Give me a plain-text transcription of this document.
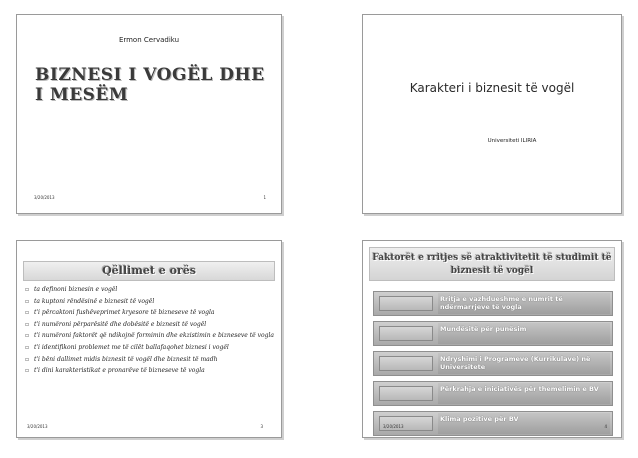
Ermon Cervadiku
BIZNESI I VOGËL DHE I MESËM
3/20/2013	1
Karakteri i biznesit të vogël
Universiteti ILIRIA
Qëllimet e orës
▫ ta definoni biznesin e vogël
▫ ta kuptoni rëndësinë e biznesit të vogël
▫ t'i përcaktoni fushëveprimet kryesore të bizneseve të vogla
▫ t'i numëroni përparësitë dhe dobësitë e biznesit të vogël
▫ t'i numëroni faktorët që ndikojnë formimin dhe ekzistimin e bizneseve të vogla
▫ t'i identifikoni problemet me të cilët ballafaqohet biznesi i vogël
▫ t'i bëni dallimet midis biznesit të vogël dhe biznesit të madh
▫ t'i dini karakteristikat e pronarëve të bizneseve të vogla
3/20/2013	3
Faktorët e rritjes së atraktivitetit të studimit të biznesit të vogël
Rritja e vazhdueshme e numrit të ndërmarrjeve të vogla
Mundësitë për punësim
Ndryshimi i Programeve (Kurrikulave) në Universitete
Përkrahja e iniciativës për themelimin e BV
Klima pozitive për BV
3/20/2013	4
